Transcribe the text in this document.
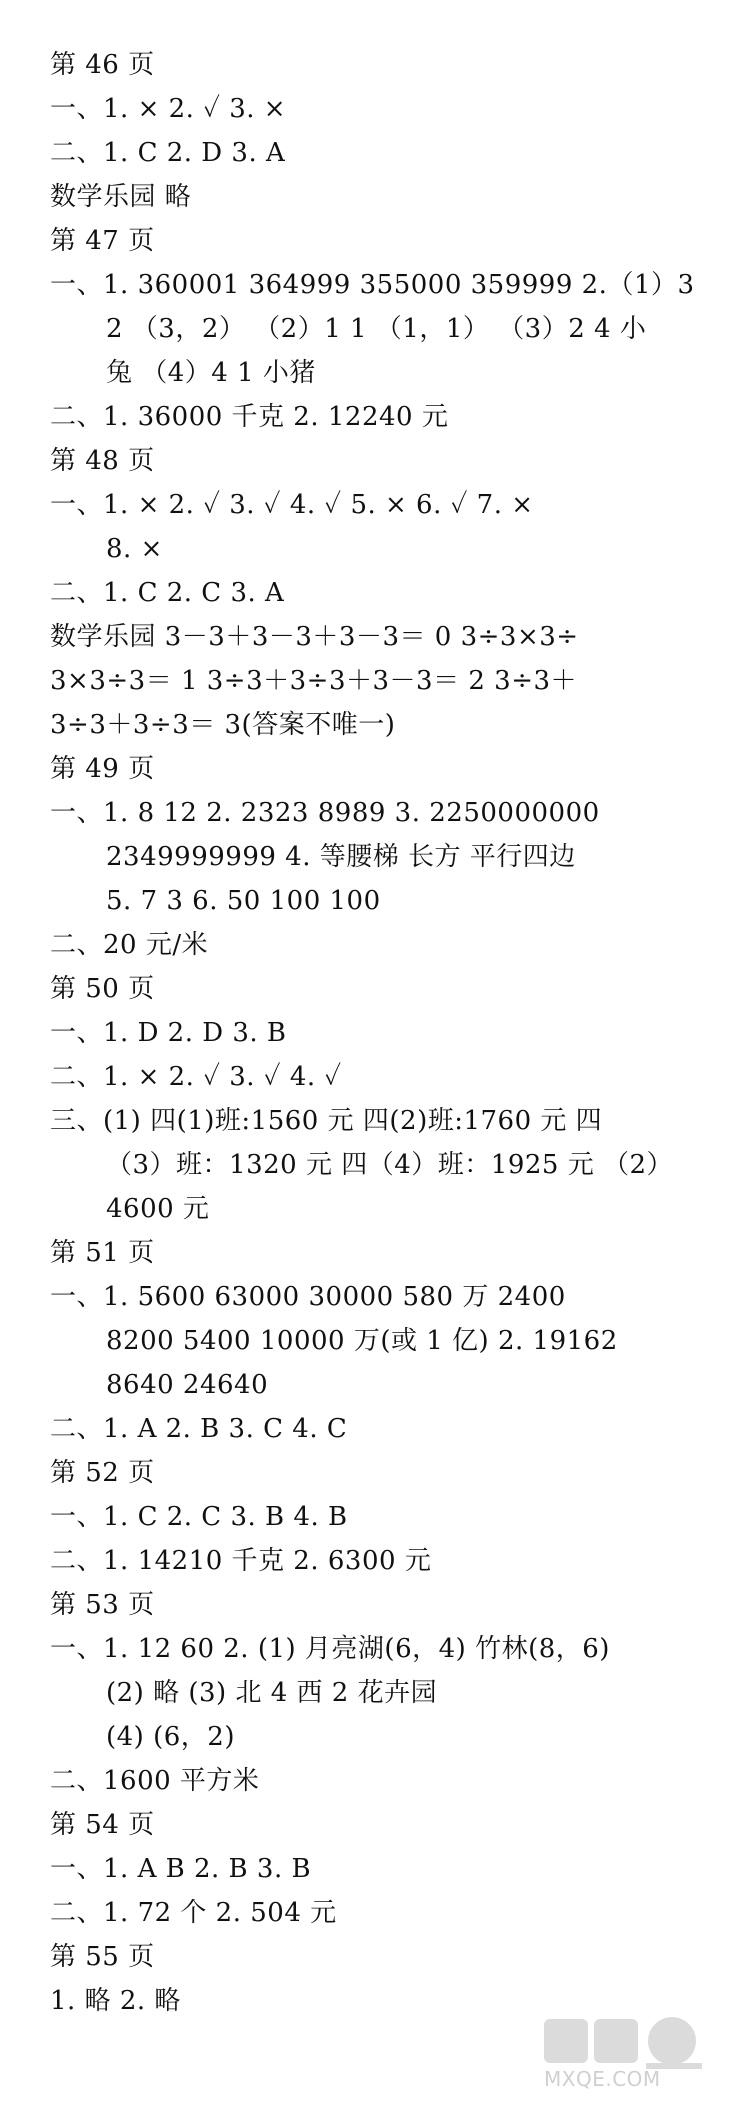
第 46 页
一、1. × 2. ✓ 3. ×
二、1. C 2. D 3. A
数学乐园 略
第 47 页
一、1. 360001 364999 355000 359999 2.（1）3
2 （3，2） （2）1 1 （1，1） （3）2 4 小
兔 （4）4 1 小猪
二、1. 36000 千克 2. 12240 元
第 48 页
一、1. × 2. ✓ 3. ✓ 4. ✓ 5. × 6. ✓ 7. ×
8. ×
二、1. C 2. C 3. A
数学乐园 3－3＋3－3＋3－3＝ 0 3÷3×3÷
3×3÷3＝ 1 3÷3＋3÷3＋3－3＝ 2 3÷3＋
3÷3＋3÷3＝ 3(答案不唯一)
第 49 页
一、1. 8 12 2. 2323 8989 3. 2250000000
2349999999 4. 等腰梯 长方 平行四边
5. 7 3 6. 50 100 100
二、20 元/米
第 50 页
一、1. D 2. D 3. B
二、1. × 2. ✓ 3. ✓ 4. ✓
三、(1) 四(1)班:1560 元 四(2)班:1760 元 四
（3）班：1320 元 四（4）班：1925 元 （2）
4600 元
第 51 页
一、1. 5600 63000 30000 580 万 2400
8200 5400 10000 万(或 1 亿) 2. 19162
8640 24640
二、1. A 2. B 3. C 4. C
第 52 页
一、1. C 2. C 3. B 4. B
二、1. 14210 千克 2. 6300 元
第 53 页
一、1. 12 60 2. (1) 月亮湖(6，4) 竹林(8，6)
(2) 略 (3) 北 4 西 2 花卉园
(4) (6，2)
二、1600 平方米
第 54 页
一、1. A B 2. B 3. B
二、1. 72 个 2. 504 元
第 55 页
1. 略 2. 略
MXQE.COM
